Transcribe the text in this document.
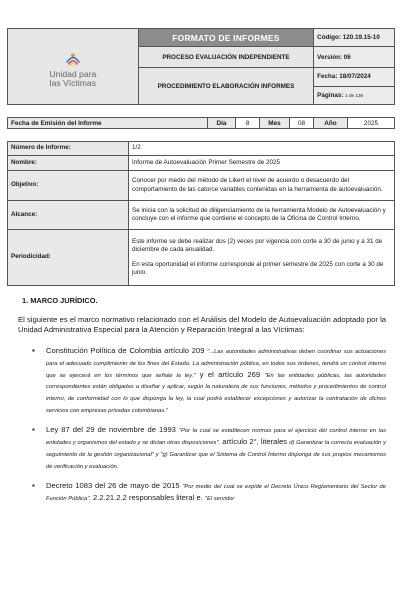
Unidad para las Víctimas	FORMATO DE INFORMES	Código: 120.19.15-10
	PROCESO EVALUACIÓN INDEPENDIENTE	Versión: 06
	PROCEDIMIENTO ELABORACIÓN INFORMES	Fecha: 18/07/2024
		Páginas: 1 de 136
Fecha de Emisión del Informe	Día	8	Mes	08	Año	2025
Número de Informe:	1/2
Nombre:	Informe de Autoevaluación Primer Semestre de 2025
Objetivo:	Conocer por medio del método de Likert el nivel de acuerdo o desacuerdo del comportamiento de las catorce variables contenidas en la herramienta de autoevaluación.
Alcance:	Se inicia con la solicitud de diligenciamiento de la herramienta Modelo de Autoevaluación y concluye con el informe que contiene el concepto de la Oficina de Control Interno.
Periodicidad:	Este informe se debe realizar dos (2) veces por vigencia con corte a 30 de junio y a 31 de diciembre de cada anualidad.
En esta oportunidad el informe corresponde al primer semestre de 2025 con corte a 30 de junio.
1. MARCO JURÍDICO.

El siguiente es el marco normativo relacionado con el Análisis del Modelo de Autoevaluación adoptado por la Unidad Administrativa Especial para la Atención y Reparación Integral a las Víctimas:

▪ Constitución Política de Colombia artículo 209 "...Las autoridades administrativas deben coordinar sus actuaciones para el adecuado cumplimiento de los fines del Estado. La administración pública, en todos sus órdenes, tendrá un control interno que se ejercerá en los términos que señale la ley." y el artículo 269 "En las entidades públicas, las autoridades correspondientes están obligadas a diseñar y aplicar, según la naturaleza de sus funciones, métodos y procedimientos de control interno, de conformidad con lo que disponga la ley, la cual podrá establecer excepciones y autorizar la contratación de dichos servicios con empresas privadas colombianas."
▪ Ley 87 del 29 de noviembre de 1993 "Por la cual se establecen normas para el ejercicio del control interno en las entidades y organismos del estado y se dictan otras disposiciones", artículo 2°, literales d) Garantizar la correcta evaluación y seguimiento de la gestión organizacional" y "g) Garantizar que el Sistema de Control Interno disponga de sus propios mecanismos de verificación y evaluación.
▪ Decreto 1083 del 26 de mayo de 2015 "Por medio del cual se expide el Decreto Único Reglamentario del Sector de Función Pública". 2.2.21.2.2 responsables literal e. "El servidor
